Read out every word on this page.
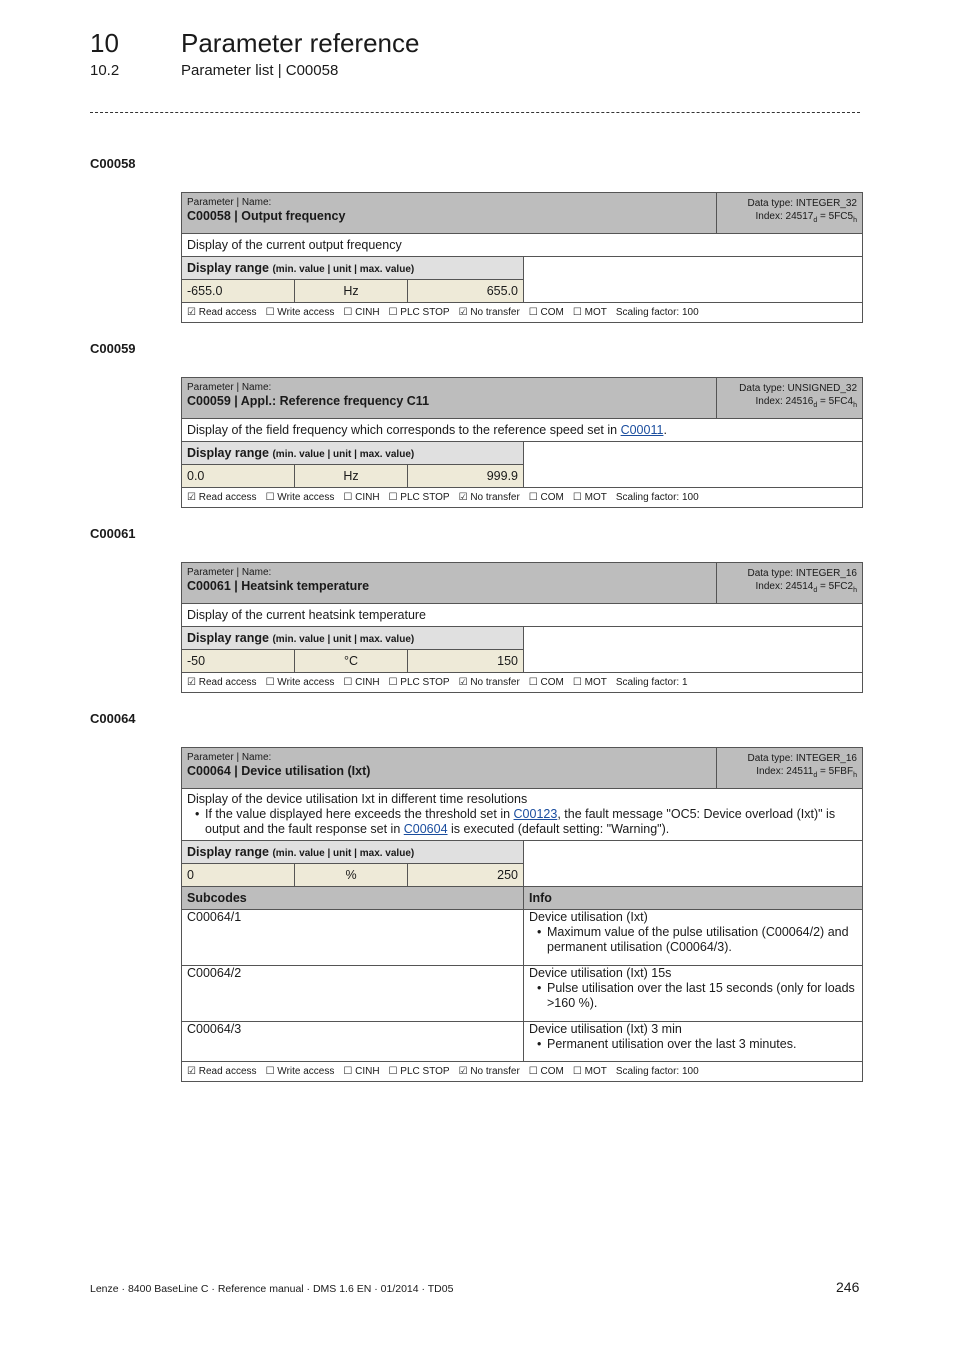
10 Parameter reference
10.2	Parameter list | C00058
C00058
Parameter | Name:
C00058 | Output frequency
Data type: INTEGER_32
Index: $24517_d = 5FC5_h$
Display of the current output frequency
Display range (min. value | unit | max. value)
-655.0	Hz	655.0
☑ Read access ☐ Write access ☐ CINH ☐ PLC STOP ☑ No transfer ☐ COM ☐ MOT Scaling factor: 100
C00059
Parameter | Name:
C00059 | Appl.: Reference frequency C11
Data type: UNSIGNED_32
Index: $24516_d = 5FC4_h$
Display of the field frequency which corresponds to the reference speed set in C00011.
Display range (min. value | unit | max. value)
0.0	Hz	999.9
☑ Read access ☐ Write access ☐ CINH ☐ PLC STOP ☑ No transfer ☐ COM ☐ MOT Scaling factor: 100
C00061
Parameter | Name:
C00061 | Heatsink temperature
Data type: INTEGER_16
Index: $24514_d = 5FC2_h$
Display of the current heatsink temperature
Display range (min. value | unit | max. value)
-50	°C	150
☑ Read access ☐ Write access ☐ CINH ☐ PLC STOP ☑ No transfer ☐ COM ☐ MOT Scaling factor: 1
C00064
Parameter | Name:
C00064 | Device utilisation (Ixt)
Data type: INTEGER_16
Index: $24511_d = 5FBF_h$
Display of the device utilisation Ixt in different time resolutions
• If the value displayed here exceeds the threshold set in C00123, the fault message "OC5: Device overload (Ixt)" is output and the fault response set in C00604 is executed (default setting: "Warning").
Display range (min. value | unit | max. value)
0	%	250
Subcodes	Info
C00064/1	Device utilisation (Ixt)
• Maximum value of the pulse utilisation (C00064/2) and permanent utilisation (C00064/3).
C00064/2	Device utilisation (Ixt) 15s
• Pulse utilisation over the last 15 seconds (only for loads >160 %).
C00064/3	Device utilisation (Ixt) 3 min
• Permanent utilisation over the last 3 minutes.
☑ Read access ☐ Write access ☐ CINH ☐ PLC STOP ☑ No transfer ☐ COM ☐ MOT Scaling factor: 100
Lenze · 8400 BaseLine C · Reference manual · DMS 1.6 EN · 01/2014 · TD05	246
